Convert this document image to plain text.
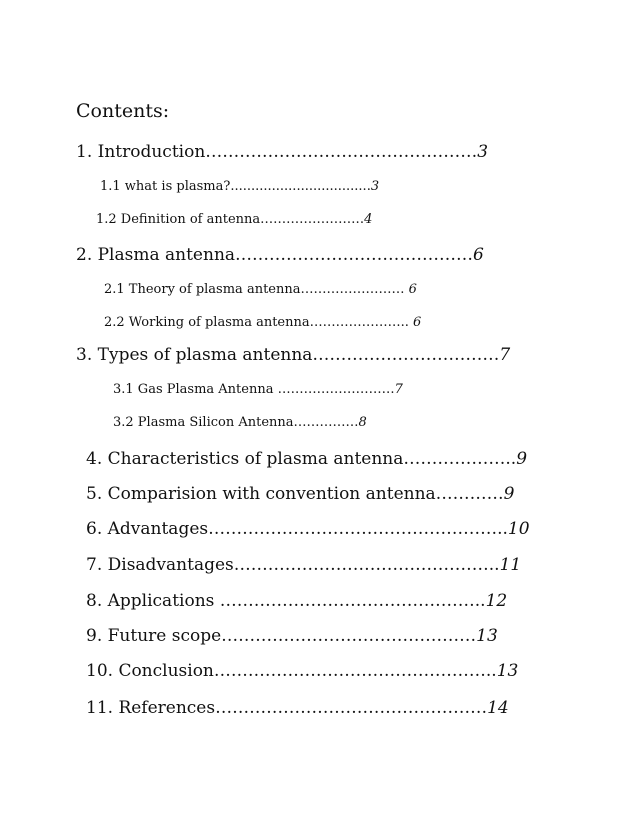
Contents:
1. Introduction…………………………………………3
1.1 what is plasma?..................................3
1.2 Definition of antenna……………………4
2. Plasma antenna……………………………………6
2.1 Theory of plasma antenna…………………… 6
2.2 Working of plasma antenna………………….. 6
3. Types of plasma antenna……………………………7
3.1 Gas Plasma Antenna ………………………7
3.2 Plasma Silicon Antenna……………8
4. Characteristics of plasma antenna………………..9
5. Comparision with convention antenna…………9
6. Advantages……………………………………………..10
7. Disadvantages………………………………………..11
8. Applications ………………………………………..12
9. Future scope………………………………………13
10. Conclusion…………………………………………..13
11. References…………………………………………14
